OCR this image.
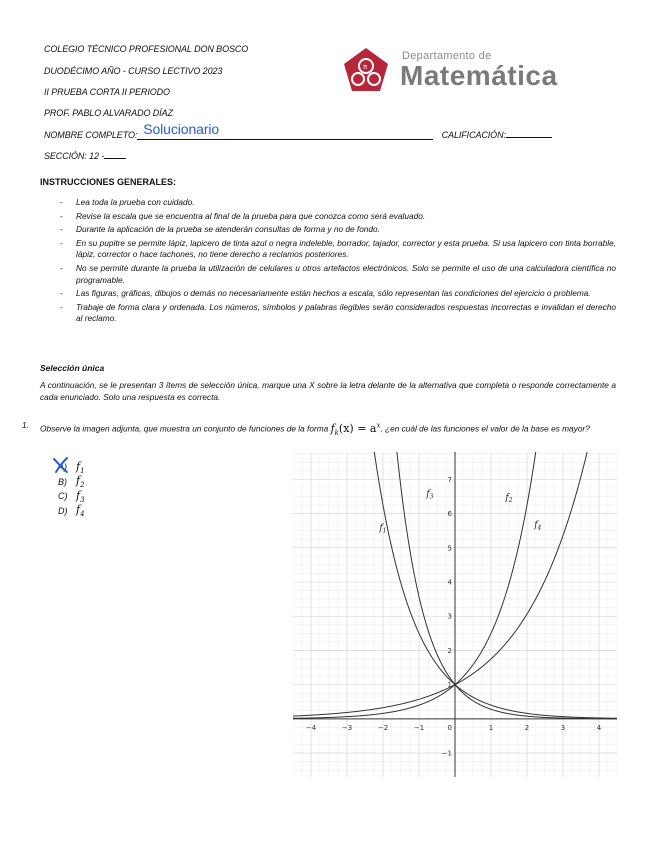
COLEGIO TÉCNICO PROFESIONAL DON BOSCO
DUODÉCIMO AÑO - CURSO LECTIVO 2023
II PRUEBA CORTA II PERIODO
PROF. PABLO ALVARADO DÍAZ
NOMBRE COMPLETO: Solucionario	CALIFICACIÓN:
SECCIÓN: 12 -
π
Departamento de
Matemática
INSTRUCCIONES GENERALES:
- Lea toda la prueba con cuidado.
- Revise la escala que se encuentra al final de la prueba para que conozca como será evaluado.
- Durante la aplicación de la prueba se atenderán consultas de forma y no de fondo.
- En su pupitre se permite lápiz, lapicero de tinta azul o negra indeleble, borrador, tajador, corrector y esta prueba. Si usa lapicero con tinta borrable, lápiz, corrector o hace tachones, no tiene derecho a reclamos posteriores.
- No se permite durante la prueba la utilización de celulares u otros artefactos electrónicos. Solo se permite el uso de una calculadora científica no programable.
- Las figuras, gráficas, dibujos o demás no necesariamente están hechos a escala, sólo representan las condiciones del ejercicio o problema.
- Trabaje de forma clara y ordenada. Los números, símbolos y palabras ilegibles serán considerados respuestas incorrectas e invalidan el derecho al reclamo.
Selección única
A continuación, se le presentan 3 ítems de selección única, marque una X sobre la letra delante de la alternativa que completa o responde correctamente a cada enunciado. Solo una respuesta es correcta.
1. Observe la imagen adjunta, que muestra un conjunto de funciones de la forma $f_k(x) = a^x$, ¿en cuál de las funciones el valor de la base es mayor?
A) $f_1$
B) $f_2$
C) $f_3$
D) $f_4$
−4	−3	−2	−1	1	2	3	4
−1
1
2
3
4
5
6
7
0
$f_1$
$f_2$
$f_3$
$f_4$
